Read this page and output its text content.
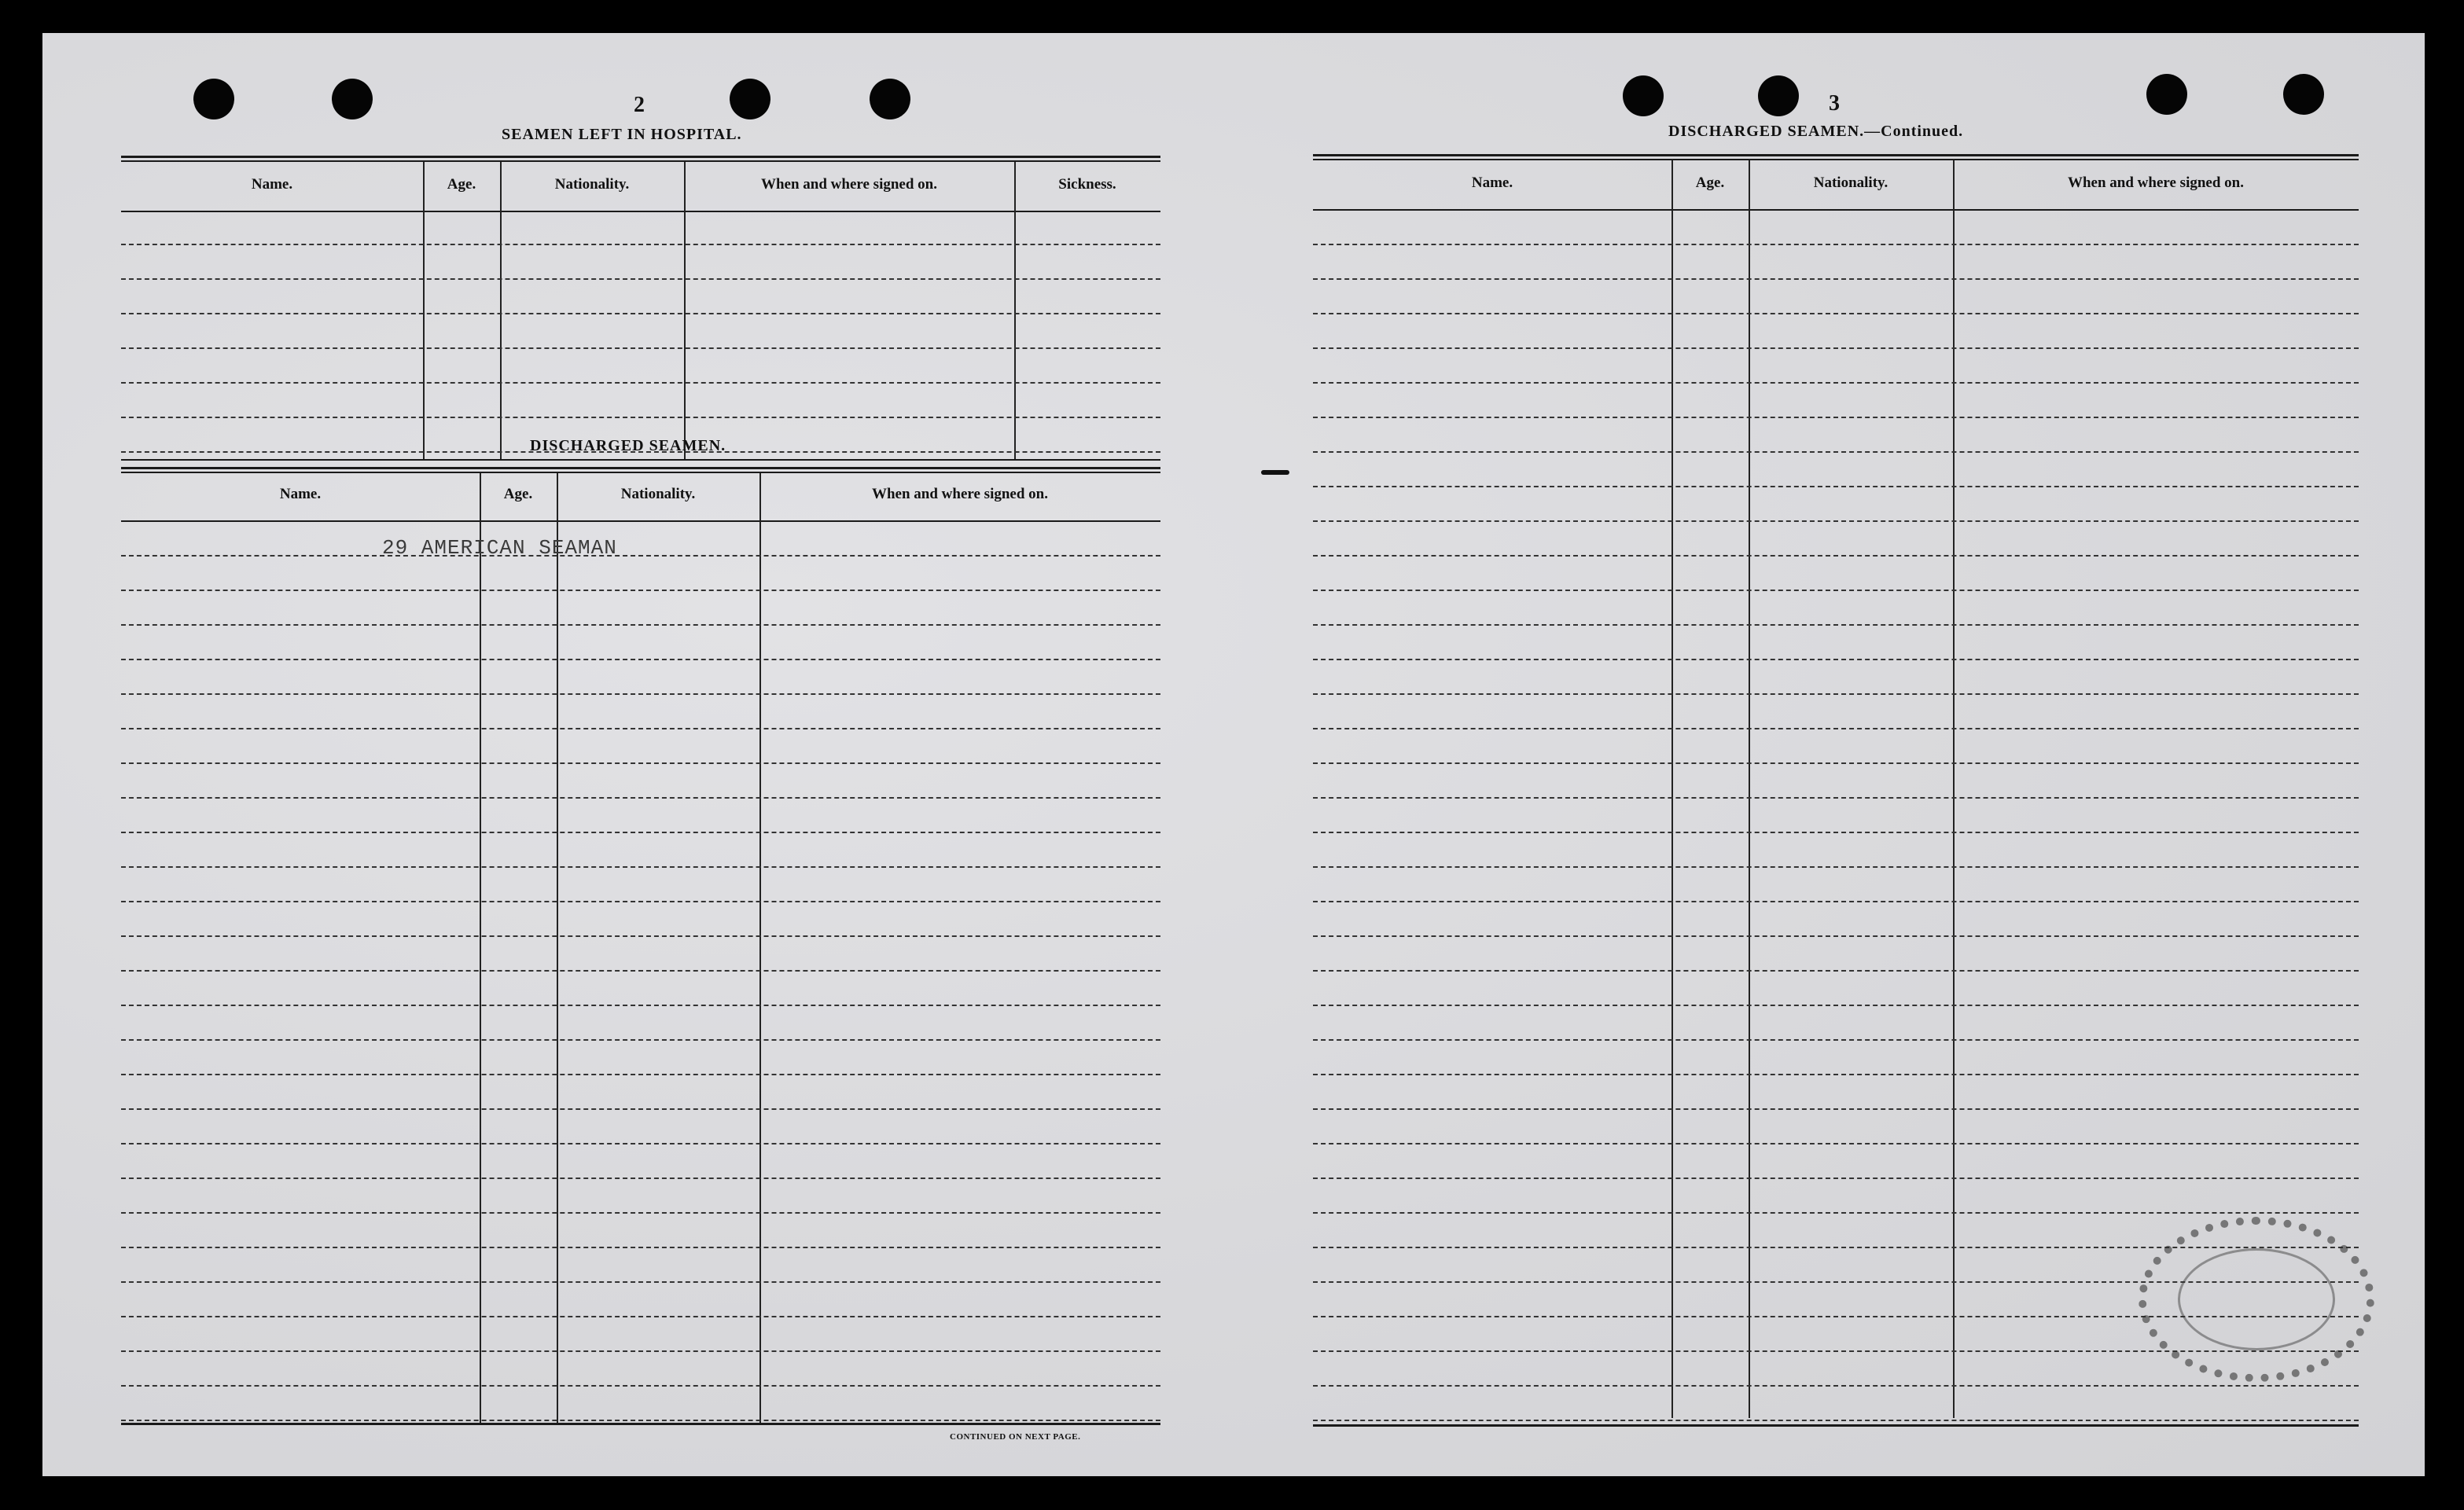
2
SEAMEN LEFT IN HOSPITAL.
Name.	Age.	Nationality.	When and where signed on.	Sickness.
DISCHARGED SEAMEN.
Name.	Age.	Nationality.	When and where signed on.
29 AMERICAN SEAMAN
CONTINUED ON NEXT PAGE.
3
DISCHARGED SEAMEN.—Continued.
Name.	Age.	Nationality.	When and where signed on.
